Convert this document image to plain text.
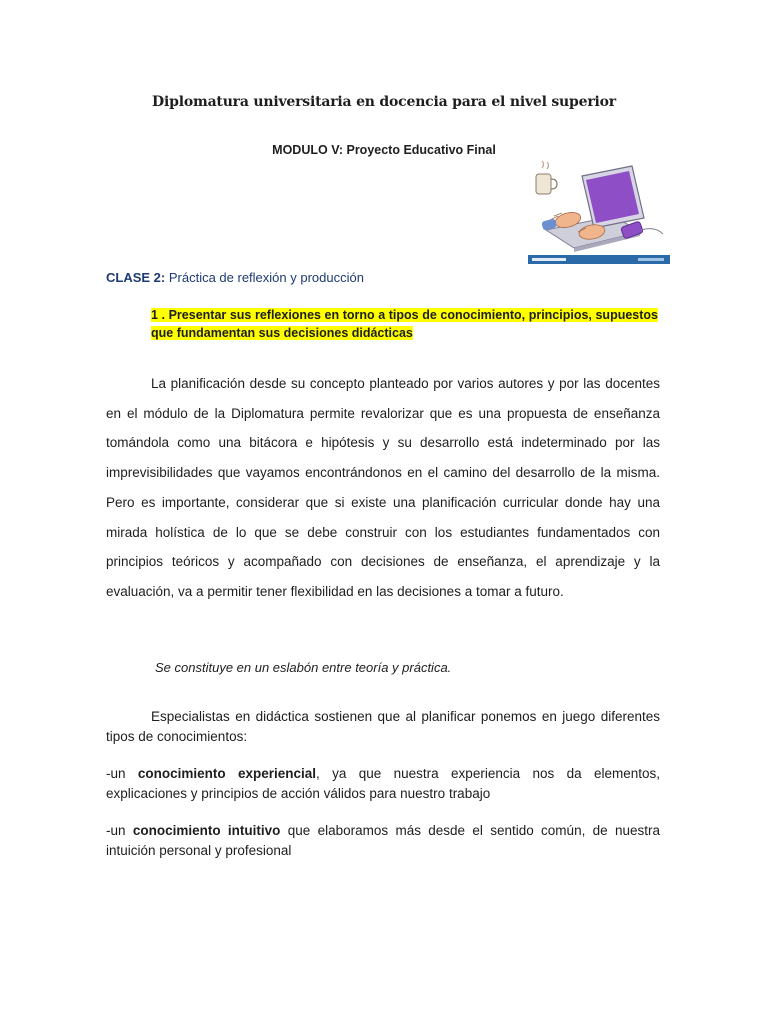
Diplomatura universitaria en docencia para el nivel superior
MODULO V: Proyecto Educativo Final
CLASE 2: Práctica de reflexión y producción
1 . Presentar sus reflexiones en torno a tipos de conocimiento, principios, supuestos que fundamentan sus decisiones didácticas
La planificación desde su concepto planteado por varios autores y por las docentes en el módulo de la Diplomatura permite revalorizar que es una propuesta de enseñanza tomándola como una bitácora e hipótesis y su desarrollo está indeterminado por las imprevisibilidades que vayamos encontrándonos en el camino del desarrollo de la misma. Pero es importante, considerar que si existe una planificación curricular donde hay una mirada holística de lo que se debe construir con los estudiantes fundamentados con principios teóricos y acompañado con decisiones de enseñanza, el aprendizaje y la evaluación, va a permitir tener flexibilidad en las decisiones a tomar a futuro.
Se constituye en un eslabón entre teoría y práctica.
Especialistas en didáctica sostienen que al planificar ponemos en juego diferentes tipos de conocimientos:
-un conocimiento experiencial, ya que nuestra experiencia nos da elementos, explicaciones y principios de acción válidos para nuestro trabajo
-un conocimiento intuitivo que elaboramos más desde el sentido común, de nuestra intuición personal y profesional
